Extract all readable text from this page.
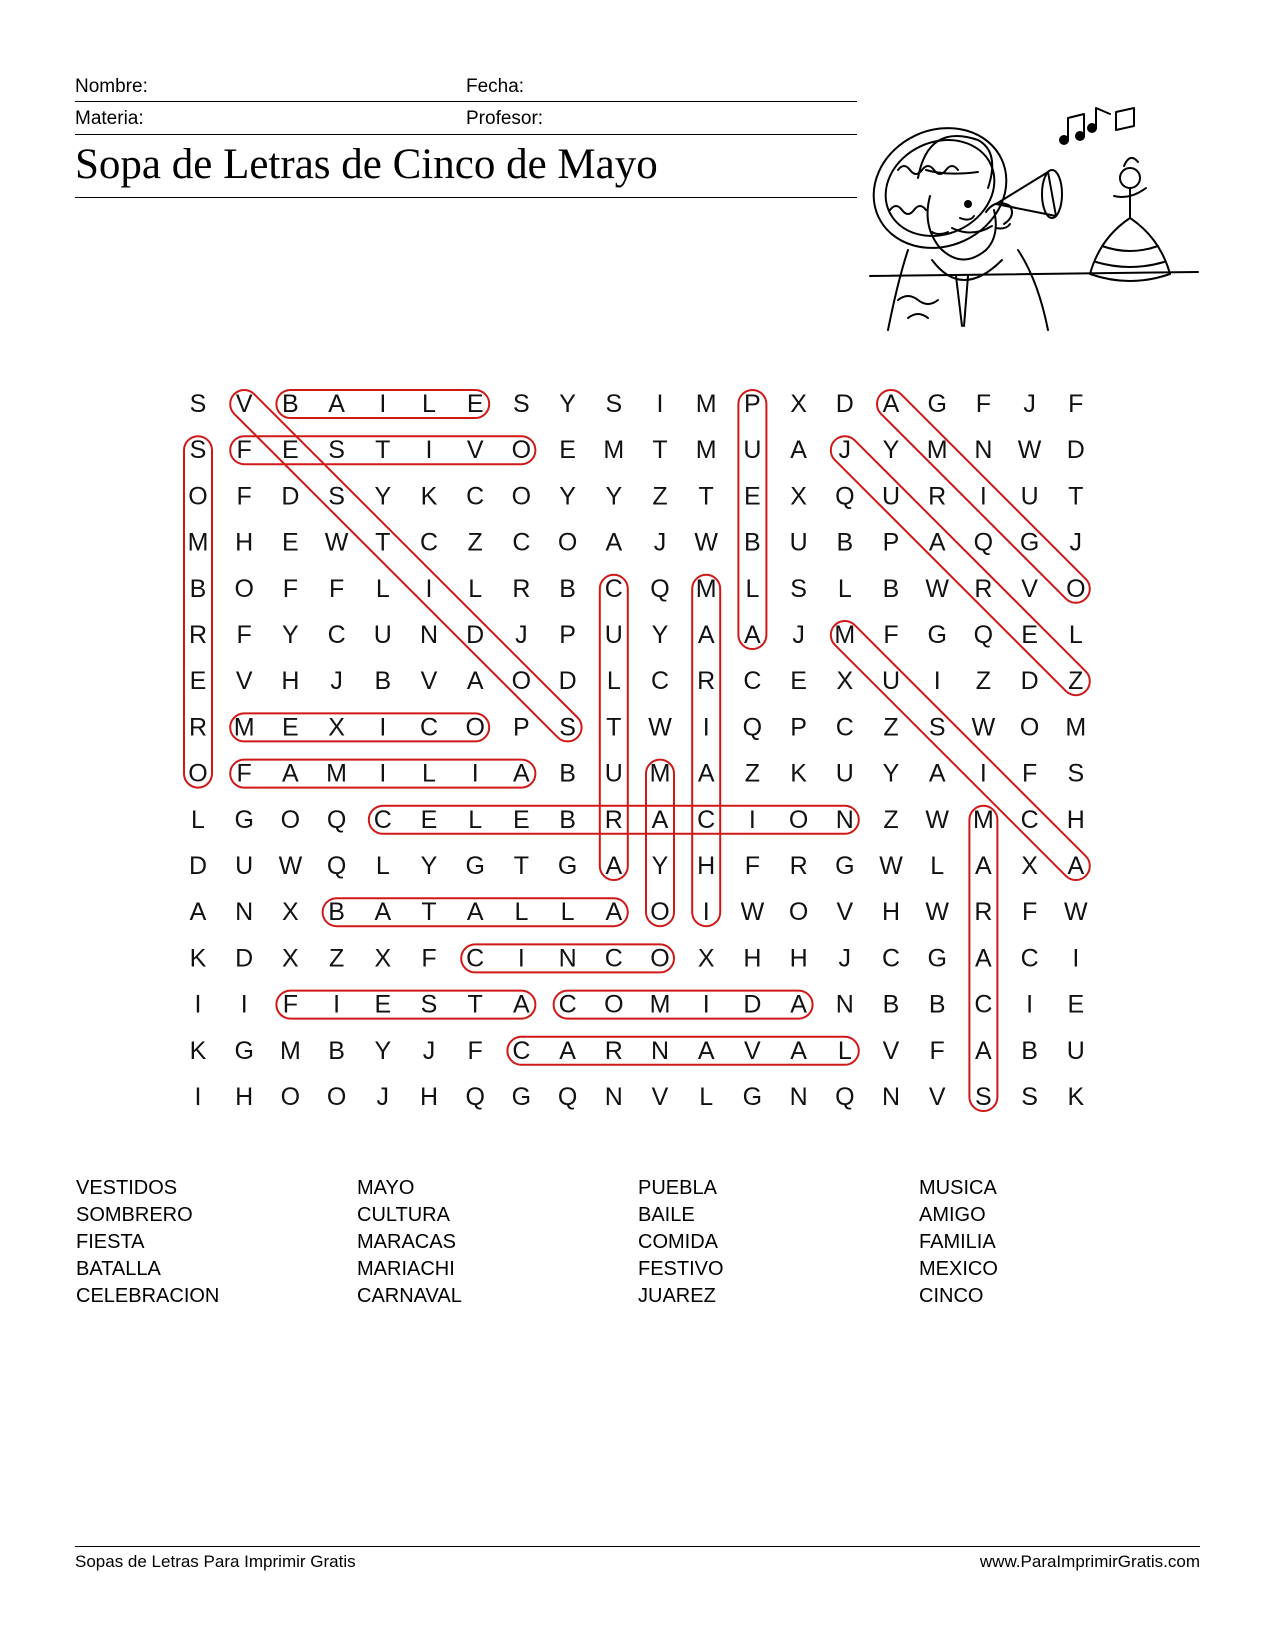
Nombre:	Fecha:
Materia:	Profesor:
Sopa de Letras de Cinco de Mayo
S V B A I L E S Y S I M P X D A G F J F
S F E S T I V O E M T M U A J Y M N W D
O F D S Y K C O Y Y Z T E X Q U R I U T
M H E W T C Z C O A J W B U B P A Q G J
B O F F L I L R B C Q M L S L B W R V O
R F Y C U N D J P U Y A A J M F G Q E L
E V H J B V A O D L C R C E X U I Z D Z
R M E X I C O P S T W I Q P C Z S W O M
O F A M I L I A B U M A Z K U Y A I F S
L G O Q C E L E B R A C I O N Z W M C H
D U W Q L Y G T G A Y H F R G W L A X A
A N X B A T A L L A O I W O V H W R F W
K D X Z X F C I N C O X H H J C G A C I
I I F I E S T A C O M I D A N B B C I E
K G M B Y J F C A R N A V A L V F A B U
I H O O J H Q G Q N V L G N Q N V S S K
VESTIDOS	MAYO	PUEBLA	MUSICA
SOMBRERO	CULTURA	BAILE	AMIGO
FIESTA	MARACAS	COMIDA	FAMILIA
BATALLA	MARIACHI	FESTIVO	MEXICO
CELEBRACION	CARNAVAL	JUAREZ	CINCO
Sopas de Letras Para Imprimir Gratis	www.ParaImprimirGratis.com
